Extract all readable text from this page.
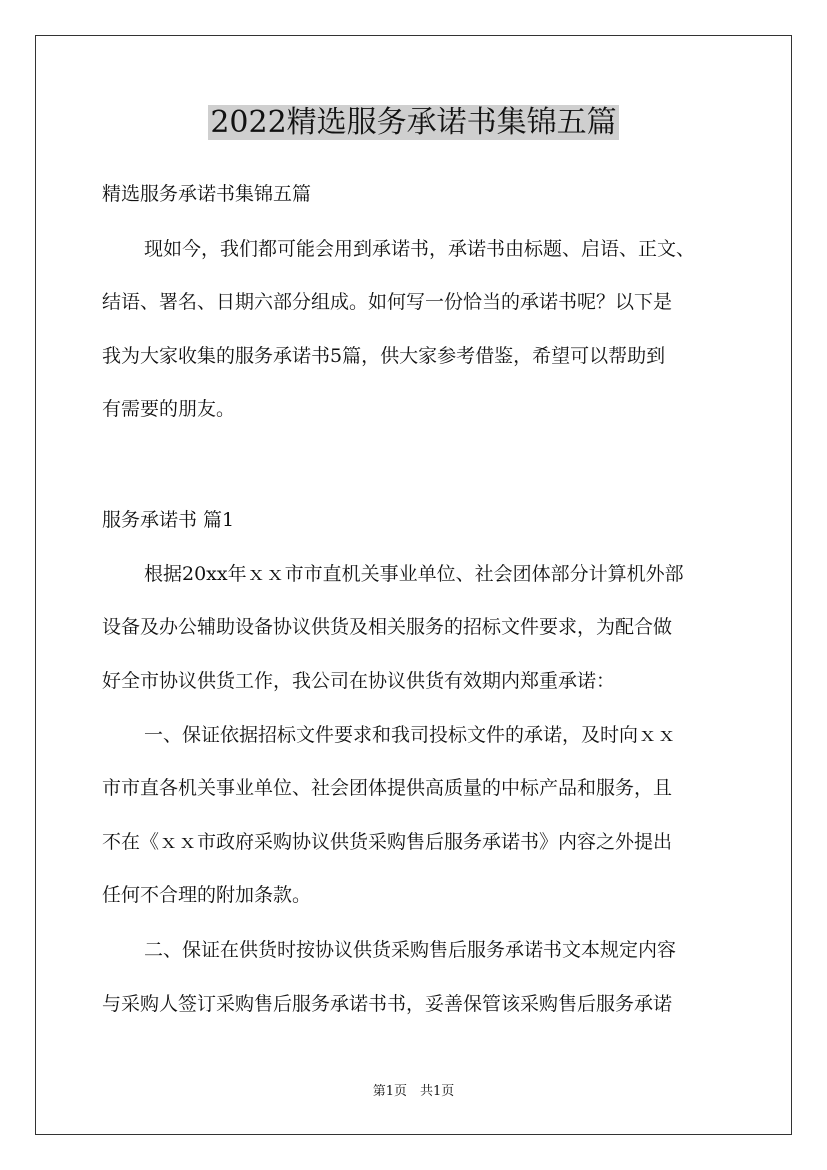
2022精选服务承诺书集锦五篇

精选服务承诺书集锦五篇

现如今，我们都可能会用到承诺书，承诺书由标题、启语、正文、

结语、署名、日期六部分组成。如何写一份恰当的承诺书呢？以下是

我为大家收集的服务承诺书5篇，供大家参考借鉴，希望可以帮助到

有需要的朋友。

服务承诺书 篇1

根据20xx年ｘｘ市市直机关事业单位、社会团体部分计算机外部

设备及办公辅助设备协议供货及相关服务的招标文件要求，为配合做

好全市协议供货工作，我公司在协议供货有效期内郑重承诺：

一、保证依据招标文件要求和我司投标文件的承诺，及时向ｘｘ

市市直各机关事业单位、社会团体提供高质量的中标产品和服务，且

不在《ｘｘ市政府采购协议供货采购售后服务承诺书》内容之外提出

任何不合理的附加条款。

二、保证在供货时按协议供货采购售后服务承诺书文本规定内容

与采购人签订采购售后服务承诺书书，妥善保管该采购售后服务承诺

第1页　共1页
